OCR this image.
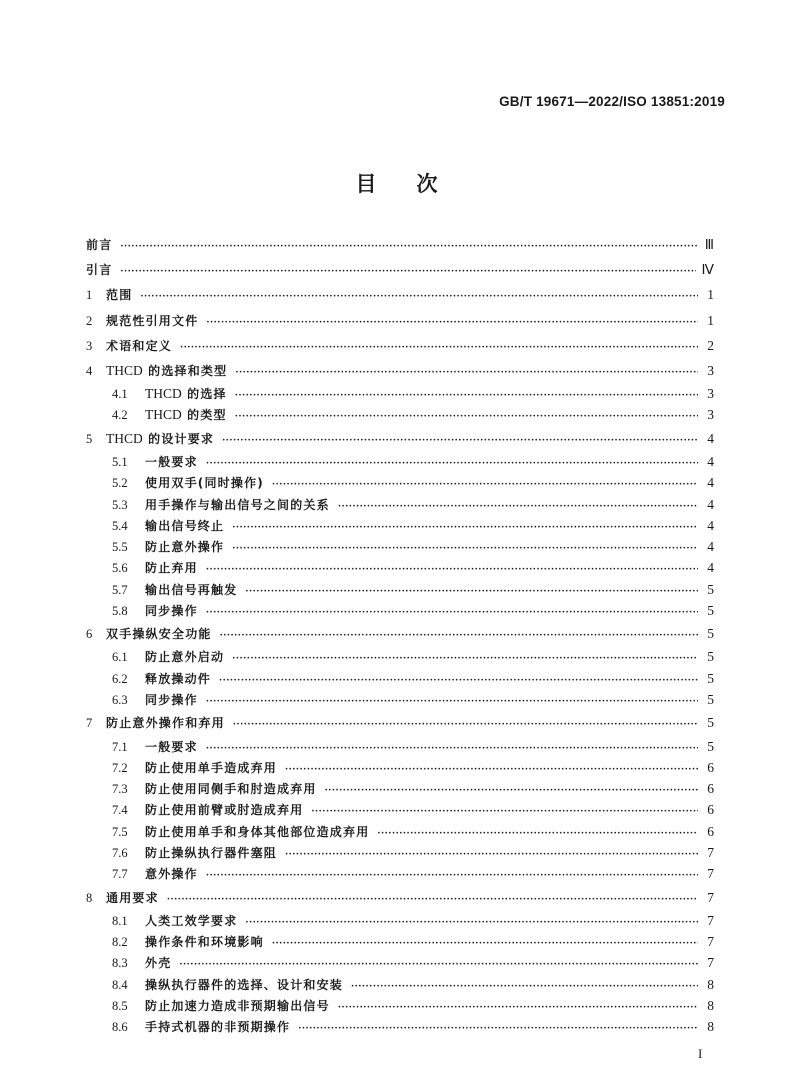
GB/T 19671—2022/ISO 13851:2019
目次
前言 ·····	Ⅲ
引言 ·····	Ⅳ
1	范围 ·····	1
2	规范性引用文件 ·····	1
3	术语和定义 ·····	2
4	THCD 的选择和类型 ·····	3
4.1	THCD 的选择 ·····	3
4.2	THCD 的类型 ·····	3
5	THCD 的设计要求 ·····	4
5.1	一般要求 ·····	4
5.2	使用双手(同时操作) ·····	4
5.3	用手操作与输出信号之间的关系 ·····	4
5.4	输出信号终止 ·····	4
5.5	防止意外操作 ·····	4
5.6	防止弃用 ·····	4
5.7	输出信号再触发 ·····	5
5.8	同步操作 ·····	5
6	双手操纵安全功能 ·····	5
6.1	防止意外启动 ·····	5
6.2	释放操动件 ·····	5
6.3	同步操作 ·····	5
7	防止意外操作和弃用 ·····	5
7.1	一般要求 ·····	5
7.2	防止使用单手造成弃用 ·····	6
7.3	防止使用同侧手和肘造成弃用 ·····	6
7.4	防止使用前臂或肘造成弃用 ·····	6
7.5	防止使用单手和身体其他部位造成弃用 ·····	6
7.6	防止操纵执行器件塞阻 ·····	7
7.7	意外操作 ·····	7
8	通用要求 ·····	7
8.1	人类工效学要求 ·····	7
8.2	操作条件和环境影响 ·····	7
8.3	外壳 ·····	7
8.4	操纵执行器件的选择、设计和安装 ·····	8
8.5	防止加速力造成非预期输出信号 ·····	8
8.6	手持式机器的非预期操作 ·····	8
I
